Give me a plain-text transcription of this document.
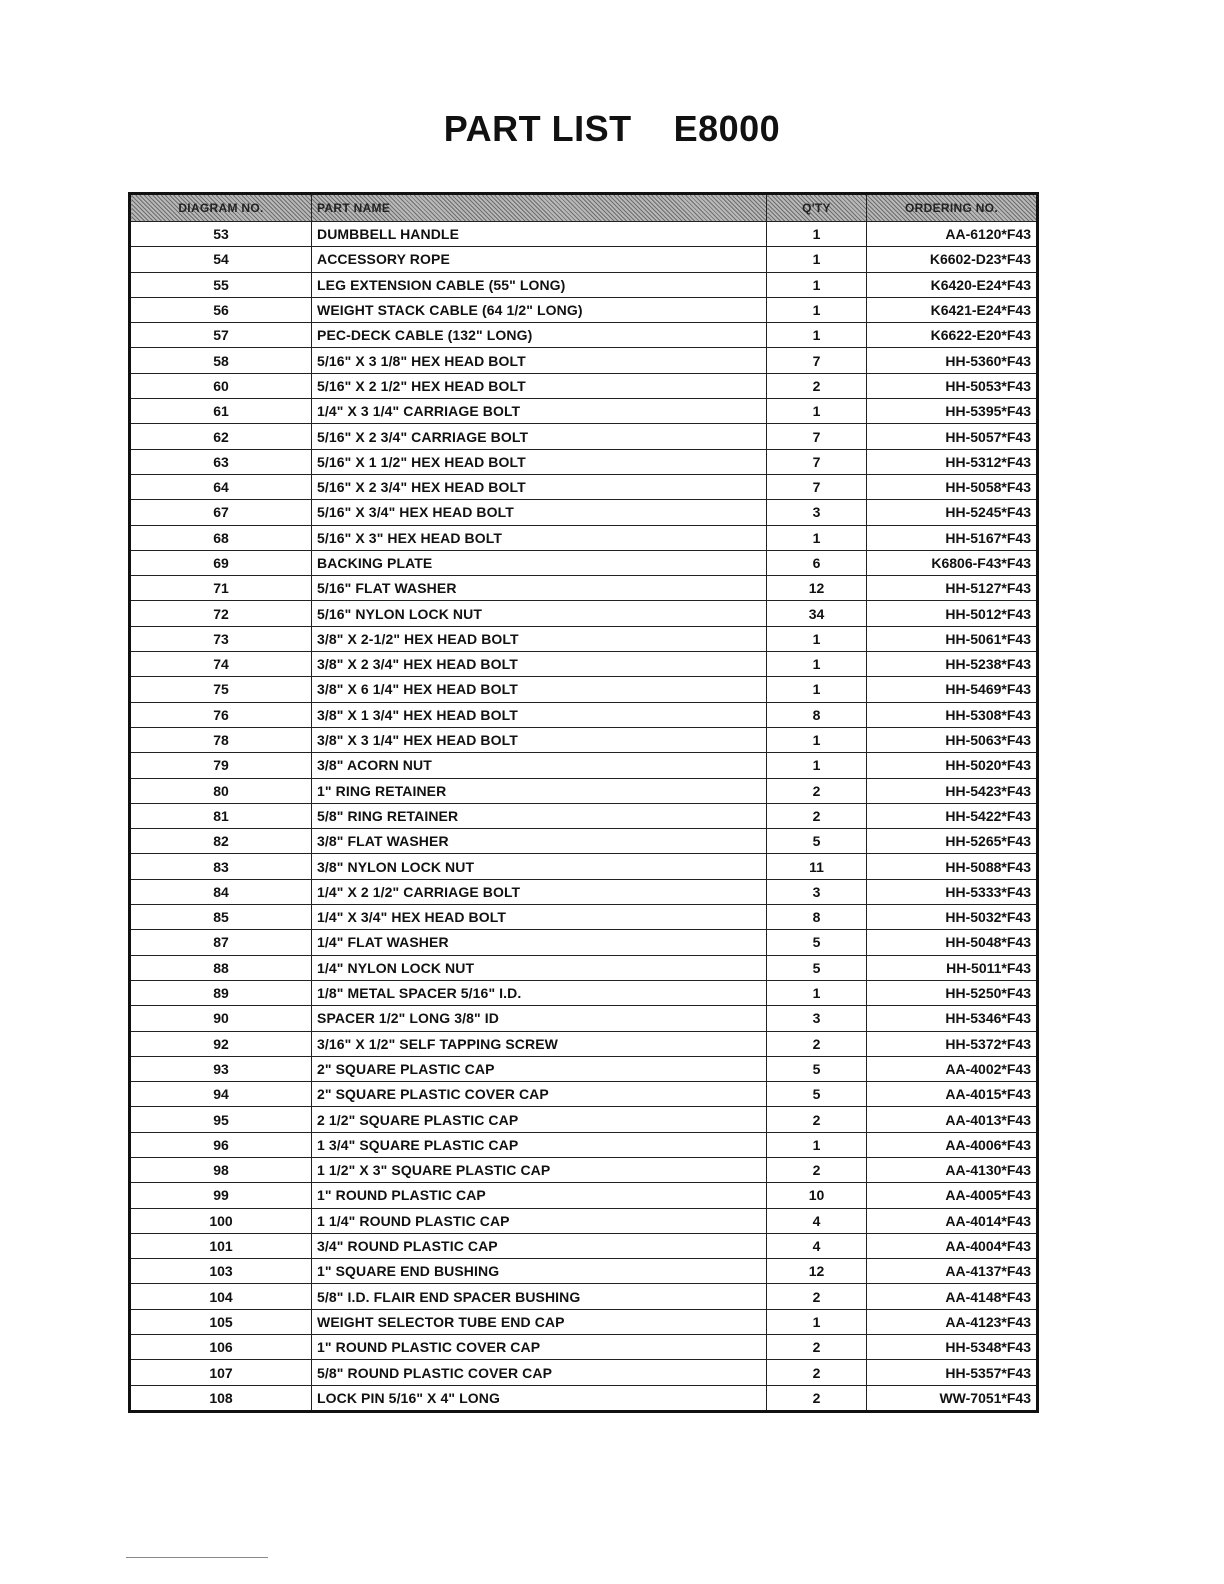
PART LIST E8000
DIAGRAM NO.	PART NAME	Q'TY	ORDERING NO.
53	DUMBBELL HANDLE	1	AA-6120*F43
54	ACCESSORY ROPE	1	K6602-D23*F43
55	LEG EXTENSION CABLE (55" LONG)	1	K6420-E24*F43
56	WEIGHT STACK CABLE (64 1/2" LONG)	1	K6421-E24*F43
57	PEC-DECK CABLE (132" LONG)	1	K6622-E20*F43
58	5/16" X 3 1/8" HEX HEAD BOLT	7	HH-5360*F43
60	5/16" X 2 1/2" HEX HEAD BOLT	2	HH-5053*F43
61	1/4" X 3 1/4" CARRIAGE BOLT	1	HH-5395*F43
62	5/16" X 2 3/4" CARRIAGE BOLT	7	HH-5057*F43
63	5/16" X 1 1/2" HEX HEAD BOLT	7	HH-5312*F43
64	5/16" X 2 3/4" HEX HEAD BOLT	7	HH-5058*F43
67	5/16" X 3/4" HEX HEAD BOLT	3	HH-5245*F43
68	5/16" X 3" HEX HEAD BOLT	1	HH-5167*F43
69	BACKING PLATE	6	K6806-F43*F43
71	5/16" FLAT WASHER	12	HH-5127*F43
72	5/16" NYLON LOCK NUT	34	HH-5012*F43
73	3/8" X 2-1/2" HEX HEAD BOLT	1	HH-5061*F43
74	3/8" X 2 3/4" HEX HEAD BOLT	1	HH-5238*F43
75	3/8" X 6 1/4" HEX HEAD BOLT	1	HH-5469*F43
76	3/8" X 1 3/4" HEX HEAD BOLT	8	HH-5308*F43
78	3/8" X 3 1/4" HEX HEAD BOLT	1	HH-5063*F43
79	3/8" ACORN NUT	1	HH-5020*F43
80	1" RING RETAINER	2	HH-5423*F43
81	5/8" RING RETAINER	2	HH-5422*F43
82	3/8" FLAT WASHER	5	HH-5265*F43
83	3/8" NYLON LOCK NUT	11	HH-5088*F43
84	1/4" X 2 1/2" CARRIAGE BOLT	3	HH-5333*F43
85	1/4" X 3/4" HEX HEAD BOLT	8	HH-5032*F43
87	1/4" FLAT WASHER	5	HH-5048*F43
88	1/4" NYLON LOCK NUT	5	HH-5011*F43
89	1/8" METAL SPACER 5/16" I.D.	1	HH-5250*F43
90	SPACER 1/2" LONG 3/8" ID	3	HH-5346*F43
92	3/16" X 1/2" SELF TAPPING SCREW	2	HH-5372*F43
93	2" SQUARE PLASTIC CAP	5	AA-4002*F43
94	2" SQUARE PLASTIC COVER CAP	5	AA-4015*F43
95	2 1/2" SQUARE PLASTIC CAP	2	AA-4013*F43
96	1 3/4" SQUARE PLASTIC CAP	1	AA-4006*F43
98	1 1/2" X 3" SQUARE PLASTIC CAP	2	AA-4130*F43
99	1" ROUND PLASTIC CAP	10	AA-4005*F43
100	1 1/4" ROUND PLASTIC CAP	4	AA-4014*F43
101	3/4" ROUND PLASTIC CAP	4	AA-4004*F43
103	1" SQUARE END BUSHING	12	AA-4137*F43
104	5/8" I.D. FLAIR END SPACER BUSHING	2	AA-4148*F43
105	WEIGHT SELECTOR TUBE END CAP	1	AA-4123*F43
106	1" ROUND PLASTIC COVER CAP	2	HH-5348*F43
107	5/8" ROUND PLASTIC COVER CAP	2	HH-5357*F43
108	LOCK PIN 5/16" X 4" LONG	2	WW-7051*F43
